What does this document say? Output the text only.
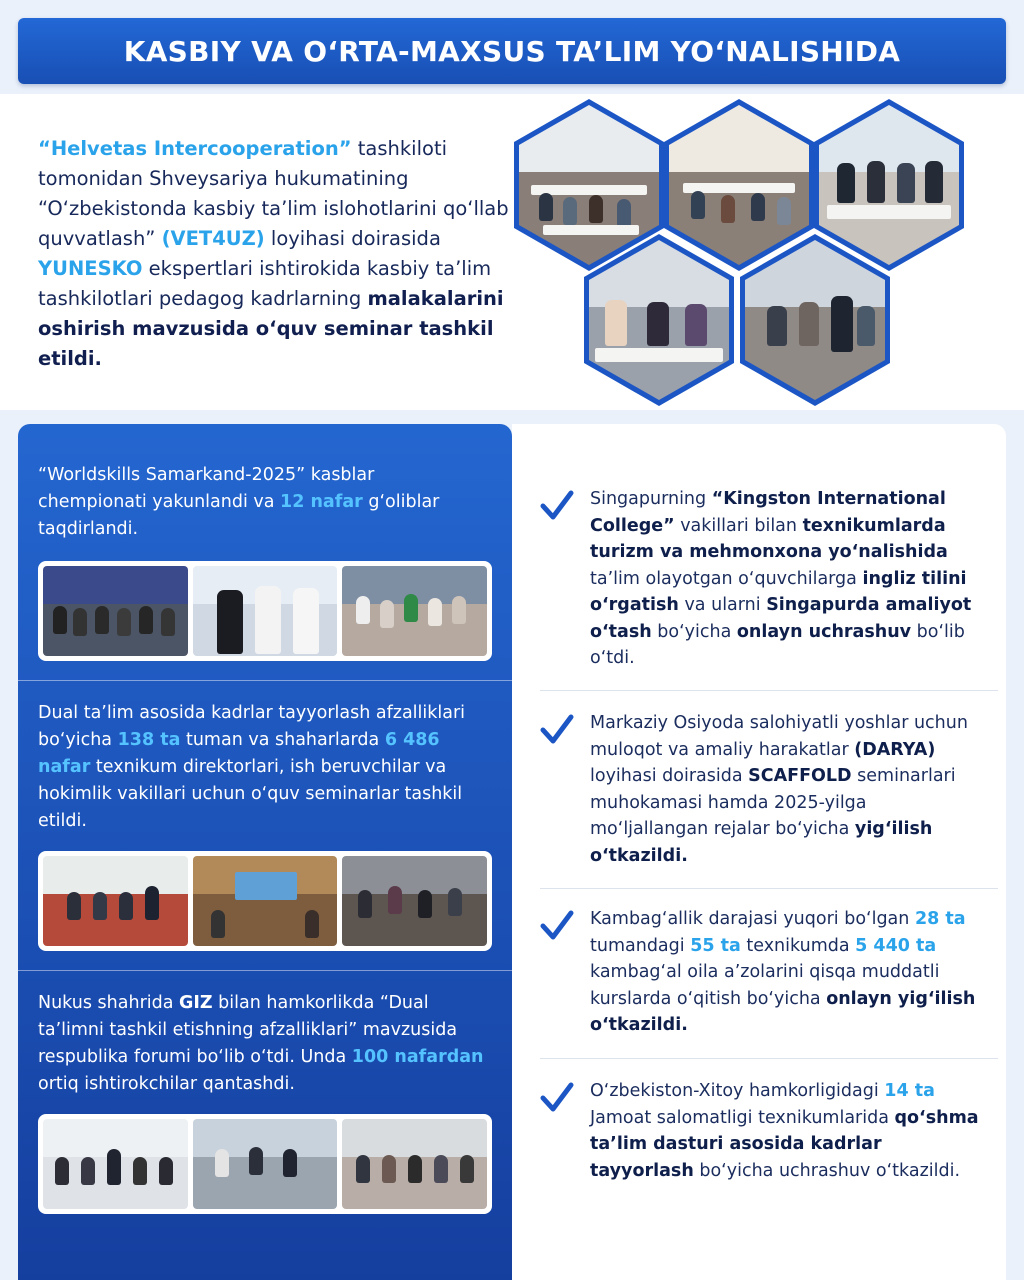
KASBIY VA O‘RTA-MAXSUS TA’LIM YO‘NALISHIDA

“Helvetas Intercooperation” tashkiloti tomonidan Shveysariya hukumatining “O‘zbekistonda kasbiy ta’lim islohotlarini qo‘llab quvvatlash” (VET4UZ) loyihasi doirasida YUNESKO ekspertlari ishtirokida kasbiy ta’lim tashkilotlari pedagog kadrlarning malakalarini oshirish mavzusida o‘quv seminar tashkil etildi.

“Worldskills Samarkand-2025” kasblar chempionati yakunlandi va 12 nafar g‘oliblar taqdirlandi.

Dual ta’lim asosida kadrlar tayyorlash afzalliklari bo‘yicha 138 ta tuman va shaharlarda 6 486 nafar texnikum direktorlari, ish beruvchilar va hokimlik vakillari uchun o‘quv seminarlar tashkil etildi.

Nukus shahrida GIZ bilan hamkorlikda “Dual ta’limni tashkil etishning afzalliklari” mavzusida respublika forumi bo‘lib o‘tdi. Unda 100 nafardan ortiq ishtirokchilar qantashdi.

Singapurning “Kingston International College” vakillari bilan texnikumlarda turizm va mehmonxona yo‘nalishida ta’lim olayotgan o‘quvchilarga ingliz tilini o‘rgatish va ularni Singapurda amaliyot o‘tash bo‘yicha onlayn uchrashuv bo‘lib o‘tdi.

Markaziy Osiyoda salohiyatli yoshlar uchun muloqot va amaliy harakatlar (DARYA) loyihasi doirasida SCAFFOLD seminarlari muhokamasi hamda 2025-yilga mo‘ljallangan rejalar bo‘yicha yig‘ilish o‘tkazildi.

Kambag‘allik darajasi yuqori bo‘lgan 28 ta tumandagi 55 ta texnikumda 5 440 ta kambag‘al oila a’zolarini qisqa muddatli kurslarda o‘qitish bo‘yicha onlayn yig‘ilish o‘tkazildi.

O‘zbekiston-Xitoy hamkorligidagi 14 ta Jamoat salomatligi texnikumlarida qo‘shma ta’lim dasturi asosida kadrlar tayyorlash bo‘yicha uchrashuv o‘tkazildi.
